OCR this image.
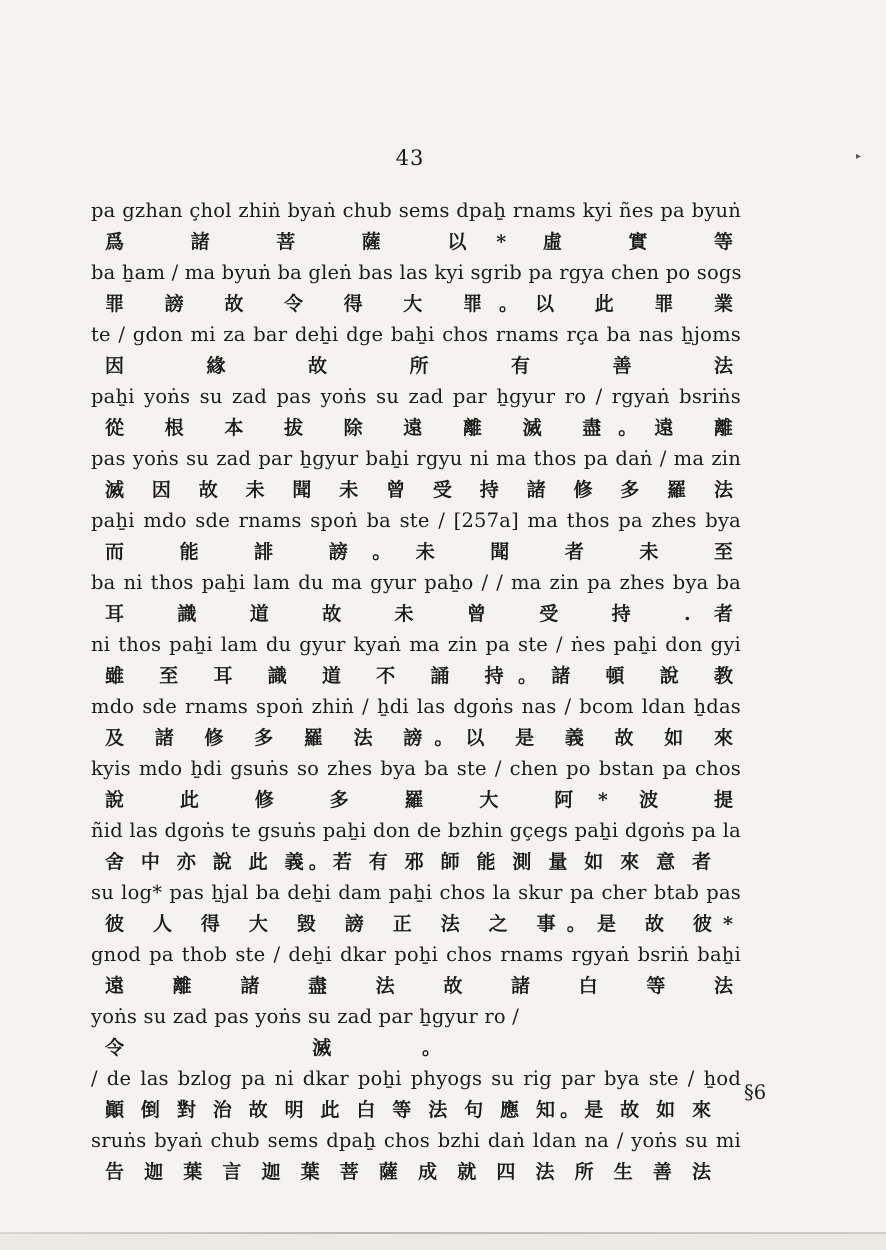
43	▸
pa gzhan çhol zhiṅ byaṅ chub sems dpaẖ rnams kyi ñes pa byuṅ
爲 諸 菩 薩 以* 虛 實 等
ba ẖam / ma byuṅ ba gleṅ bas las kyi sgrib pa rgya chen po sogs
罪 謗 故 令 得 大 罪。以 此 罪 業
te / gdon mi za bar deẖi dge baẖi chos rnams rça ba nas ẖjoms
因 緣 故 所 有 善 法
paẖi yoṅs su zad pas yoṅs su zad par ẖgyur ro / rgyaṅ bsriṅs
從 根 本 拔 除 遠 離 滅 盡。遠 離
pas yoṅs su zad par ẖgyur baẖi rgyu ni ma thos pa daṅ / ma zin
滅 因 故 未 聞 未 曾 受 持 諸 修 多 羅 法
paẖi mdo sde rnams spoṅ ba ste / [257a] ma thos pa zhes bya
而 能 誹 謗。未 聞 者 未 至
ba ni thos paẖi lam du ma gyur paẖo / / ma zin pa zhes bya ba
耳 識 道 故 未 曾 受 持 .者
ni thos paẖi lam du gyur kyaṅ ma zin pa ste / ṅes paẖi don gyi
雖 至 耳 識 道 不 誦 持。諸 頓 說 教
mdo sde rnams spoṅ zhiṅ / ẖdi las dgoṅs nas / bcom ldan ẖdas
及 諸 修 多 羅 法 謗。以 是 義 故 如 來
kyis mdo ẖdi gsuṅs so zhes bya ba ste / chen po bstan pa chos
說 此 修 多 羅 大 阿* 波 提
ñid las dgoṅs te gsuṅs paẖi don de bzhin gçegs paẖi dgoṅs pa la
舍 中 亦 說 此 義。若 有 邪 師 能 測 量 如 來 意 者
su log* pas ẖjal ba deẖi dam paẖi chos la skur pa cher btab pas
彼 人 得 大 毀 謗 正 法 之 事。是 故 彼*
gnod pa thob ste / deẖi dkar poẖi chos rnams rgyaṅ bsriṅ baẖi
遠 離 諸 盡 法 故 諸 白 等 法
yoṅs su zad pas yoṅs su zad par ẖgyur ro /
令 滅。
/ de las bzlog pa ni dkar poẖi phyogs su rig par bya ste / ẖod
顚 倒 對 治 故 明 此 白 等 法 句 應 知。是 故 如 來
sruṅs byaṅ chub sems dpaẖ chos bzhi daṅ ldan na / yoṅs su mi
告 迦 葉 言 迦 葉 菩 薩 成 就 四 法 所 生 善 法
§6
